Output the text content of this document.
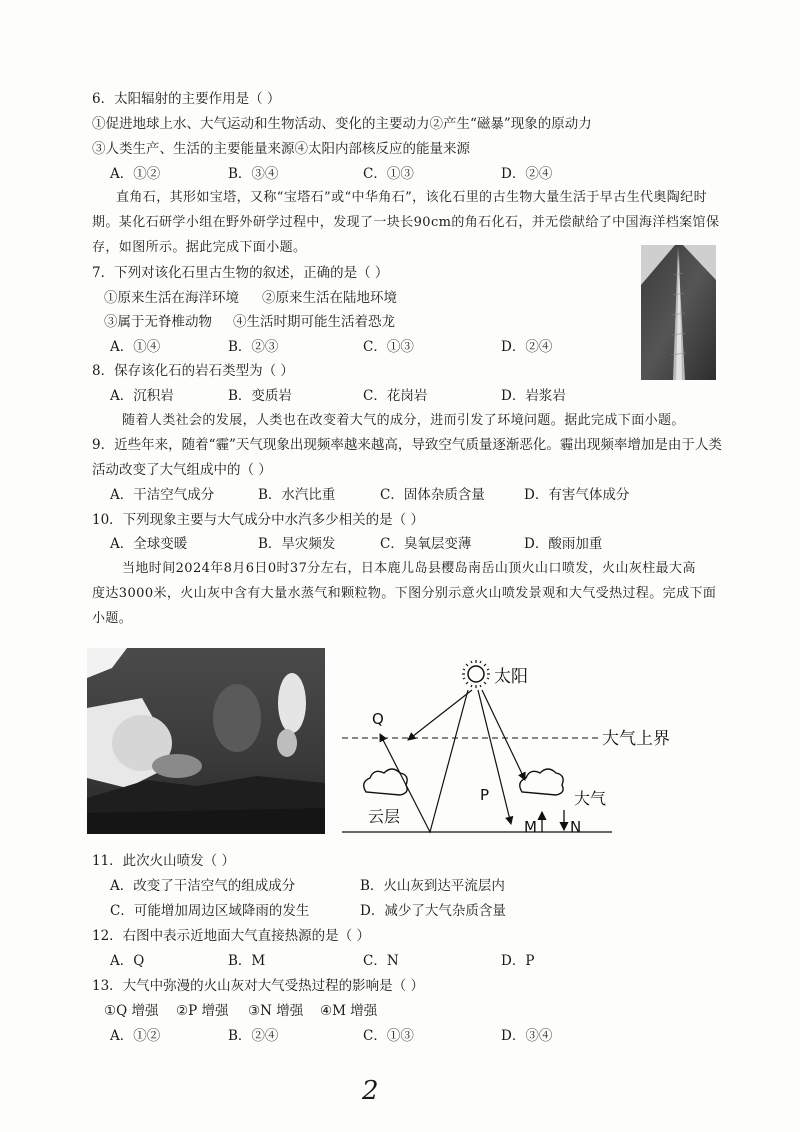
6．太阳辐射的主要作用是（ ）
①促进地球上水、大气运动和生物活动、变化的主要动力②产生“磁暴”现象的原动力
③人类生产、生活的主要能量来源④太阳内部核反应的能量来源
A．①②	B．③④	C．①③	D．②④
直角石，其形如宝塔，又称“宝塔石”或“中华角石”，该化石里的古生物大量生活于早古生代奥陶纪时
期。某化石研学小组在野外研学过程中，发现了一块长90cm的角石化石，并无偿献给了中国海洋档案馆保
存，如图所示。据此完成下面小题。
7．下列对该化石里古生物的叙述，正确的是（ ）
①原来生活在海洋环境 ②原来生活在陆地环境
③属于无脊椎动物 ④生活时期可能生活着恐龙
A．①④	B．②③	C．①③	D．②④
8．保存该化石的岩石类型为（ ）
A．沉积岩	B．变质岩	C．花岗岩	D．岩浆岩
随着人类社会的发展，人类也在改变着大气的成分，进而引发了环境问题。据此完成下面小题。
9．近些年来，随着“霾”天气现象出现频率越来越高，导致空气质量逐渐恶化。霾出现频率增加是由于人类
活动改变了大气组成中的（ ）
A．干洁空气成分	B．水汽比重	C．固体杂质含量	D．有害气体成分
10．下列现象主要与大气成分中水汽多少相关的是（ ）
A．全球变暖	B．旱灾频发	C．臭氧层变薄	D．酸雨加重
当地时间2024年8月6日0时37分左右，日本鹿儿岛县樱岛南岳山顶火山口喷发，火山灰柱最大高
度达3000米，火山灰中含有大量水蒸气和颗粒物。下图分别示意火山喷发景观和大气受热过程。完成下面
小题。
太阳
大气上界
Q
P
云层
大气
M N
11．此次火山喷发（ ）
A．改变了干洁空气的组成成分	B．火山灰到达平流层内
C．可能增加周边区域降雨的发生	D．减少了大气杂质含量
12．右图中表示近地面大气直接热源的是（ ）
A．Q	B．M	C．N	D．P
13．大气中弥漫的火山灰对大气受热过程的影响是（ ）
①Q 增强 ②P 增强 ③N 增强 ④M 增强
A．①②	B．②④	C．①③	D．③④
2
